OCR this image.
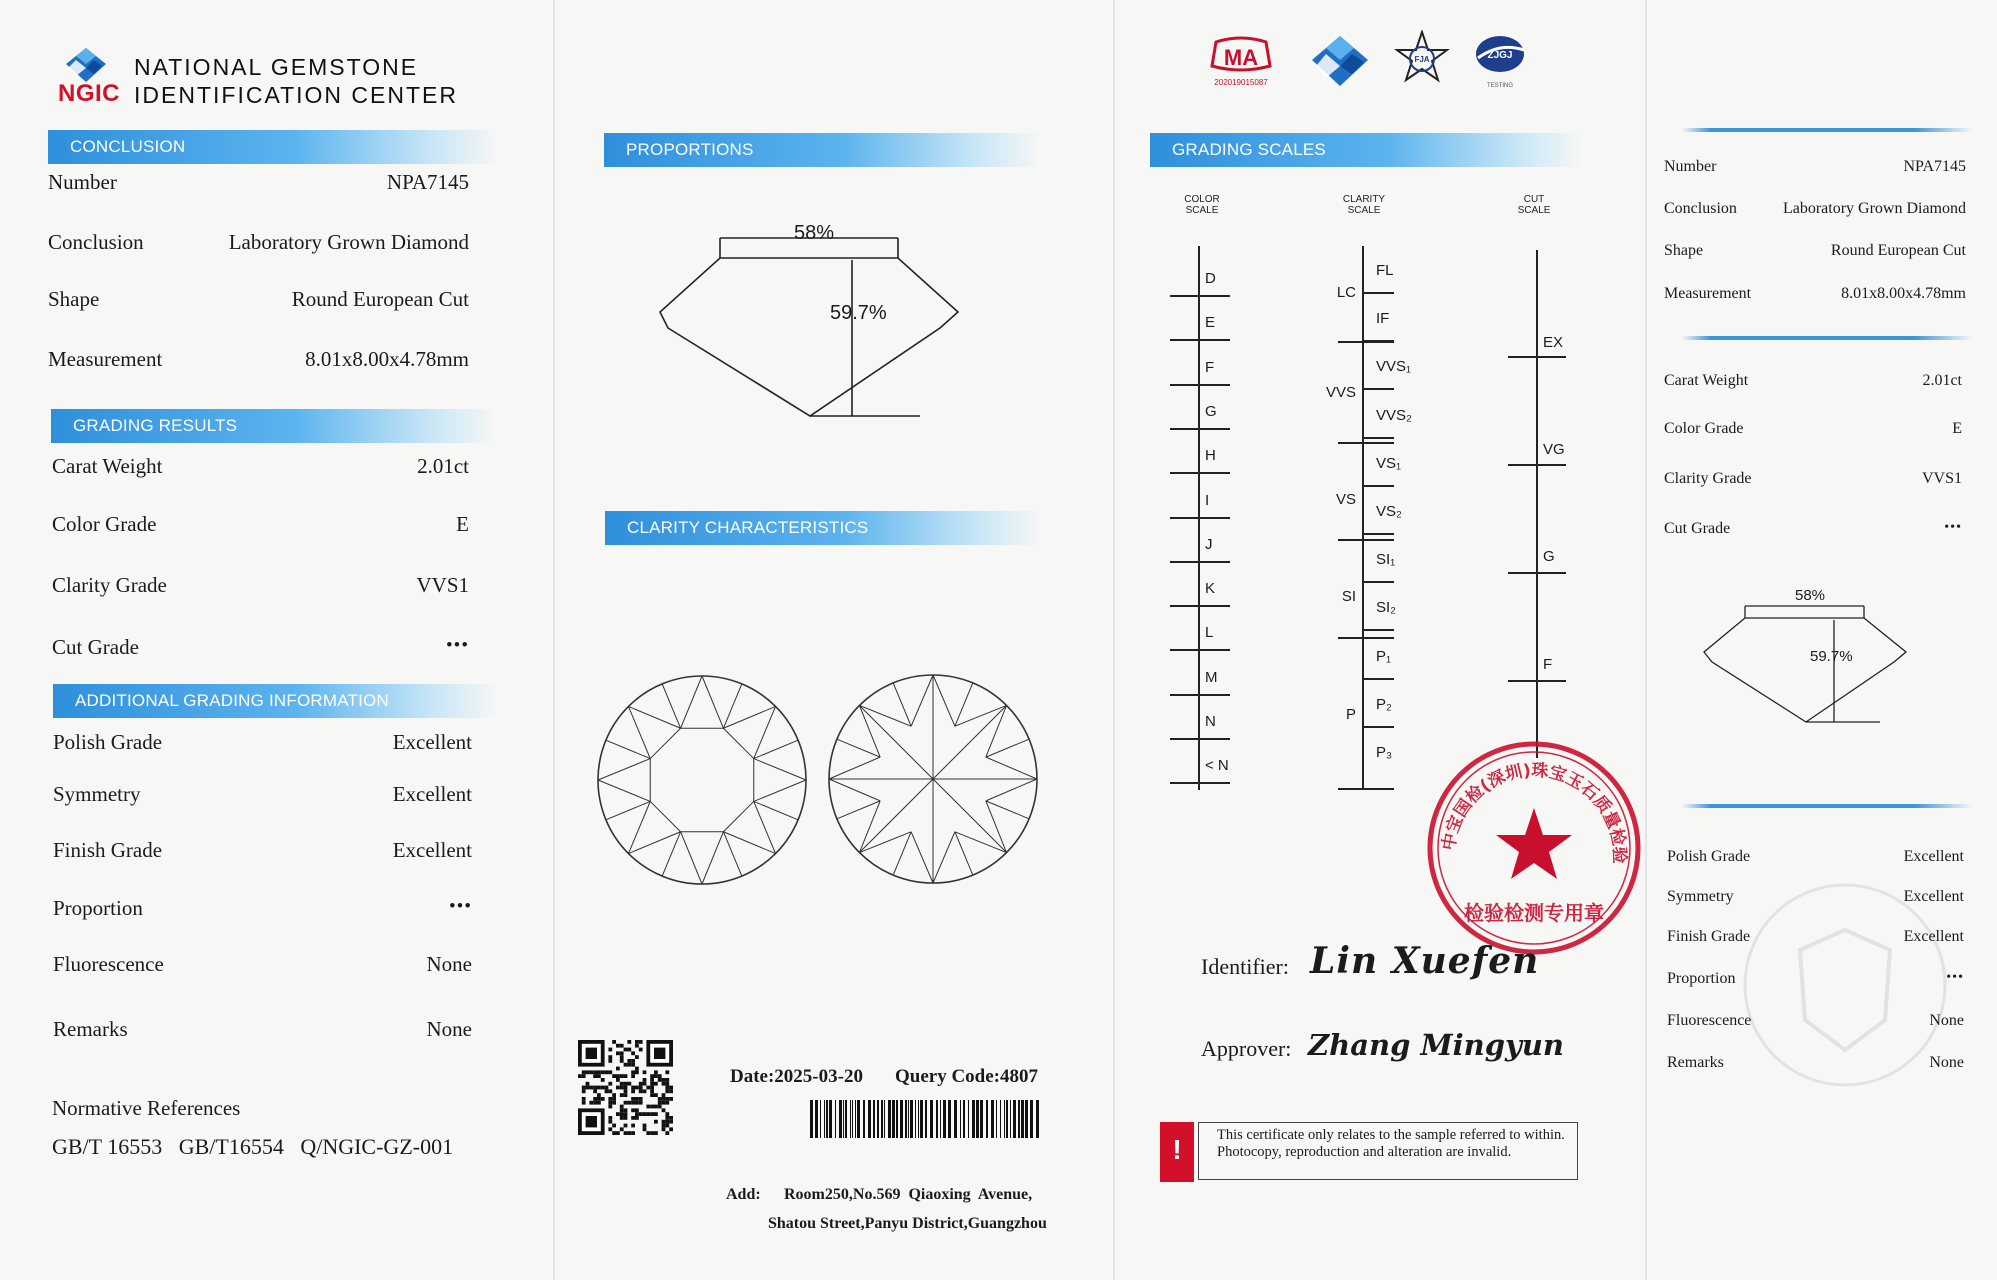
NGIC
NATIONAL GEMSTONE
IDENTIFICATION CENTER
CONCLUSION
Number	NPA7145
Conclusion	Laboratory Grown Diamond
Shape	Round European Cut
Measurement	8.01x8.00x4.78mm
GRADING RESULTS
Carat Weight	2.01ct
Color Grade	E
Clarity Grade	VVS1
Cut Grade	•••
ADDITIONAL GRADING INFORMATION
Polish Grade	Excellent
Symmetry	Excellent
Finish Grade	Excellent
Proportion	•••
Fluorescence	None
Remarks	None
Normative References
GB/T 16553   GB/T16554   Q/NGIC-GZ-001
PROPORTIONS
58%
59.7%
CLARITY CHARACTERISTICS
Date:2025-03-20 Query Code:4807
Add: Room250,No.569  Qiaoxing  Avenue,
Shatou Street,Panyu District,Guangzhou
MA
202019015087
FJA	ZJGJ
TESTING
GRADING SCALES
COLOR
SCALE
CLARITY
SCALE
CUT
SCALE
D
E
F
G
H
I
J
K
L
M
N
< N
FL
IF
VVS₁
VVS₂
VS₁
VS₂
SI₁
SI₂
P₁
P₂
P₃
LC
VVS
VS
SI
P
EX
VG
G
F
中宝国检(深圳)珠宝玉石质量检验
检验检测专用章
Identifier: Lin Xuefen
Approver: Zhang Mingyun
!	This certificate only relates to the sample referred to within. Photocopy, reproduction and alteration are invalid.
Number	NPA7145
Conclusion	Laboratory Grown Diamond
Shape	Round European Cut
Measurement	8.01x8.00x4.78mm
Carat Weight	2.01ct
Color Grade	E
Clarity Grade	VVS1
Cut Grade	•••
58%
59.7%
Polish Grade	Excellent
Symmetry	Excellent
Finish Grade	Excellent
Proportion	•••
Fluorescence	None
Remarks	None
